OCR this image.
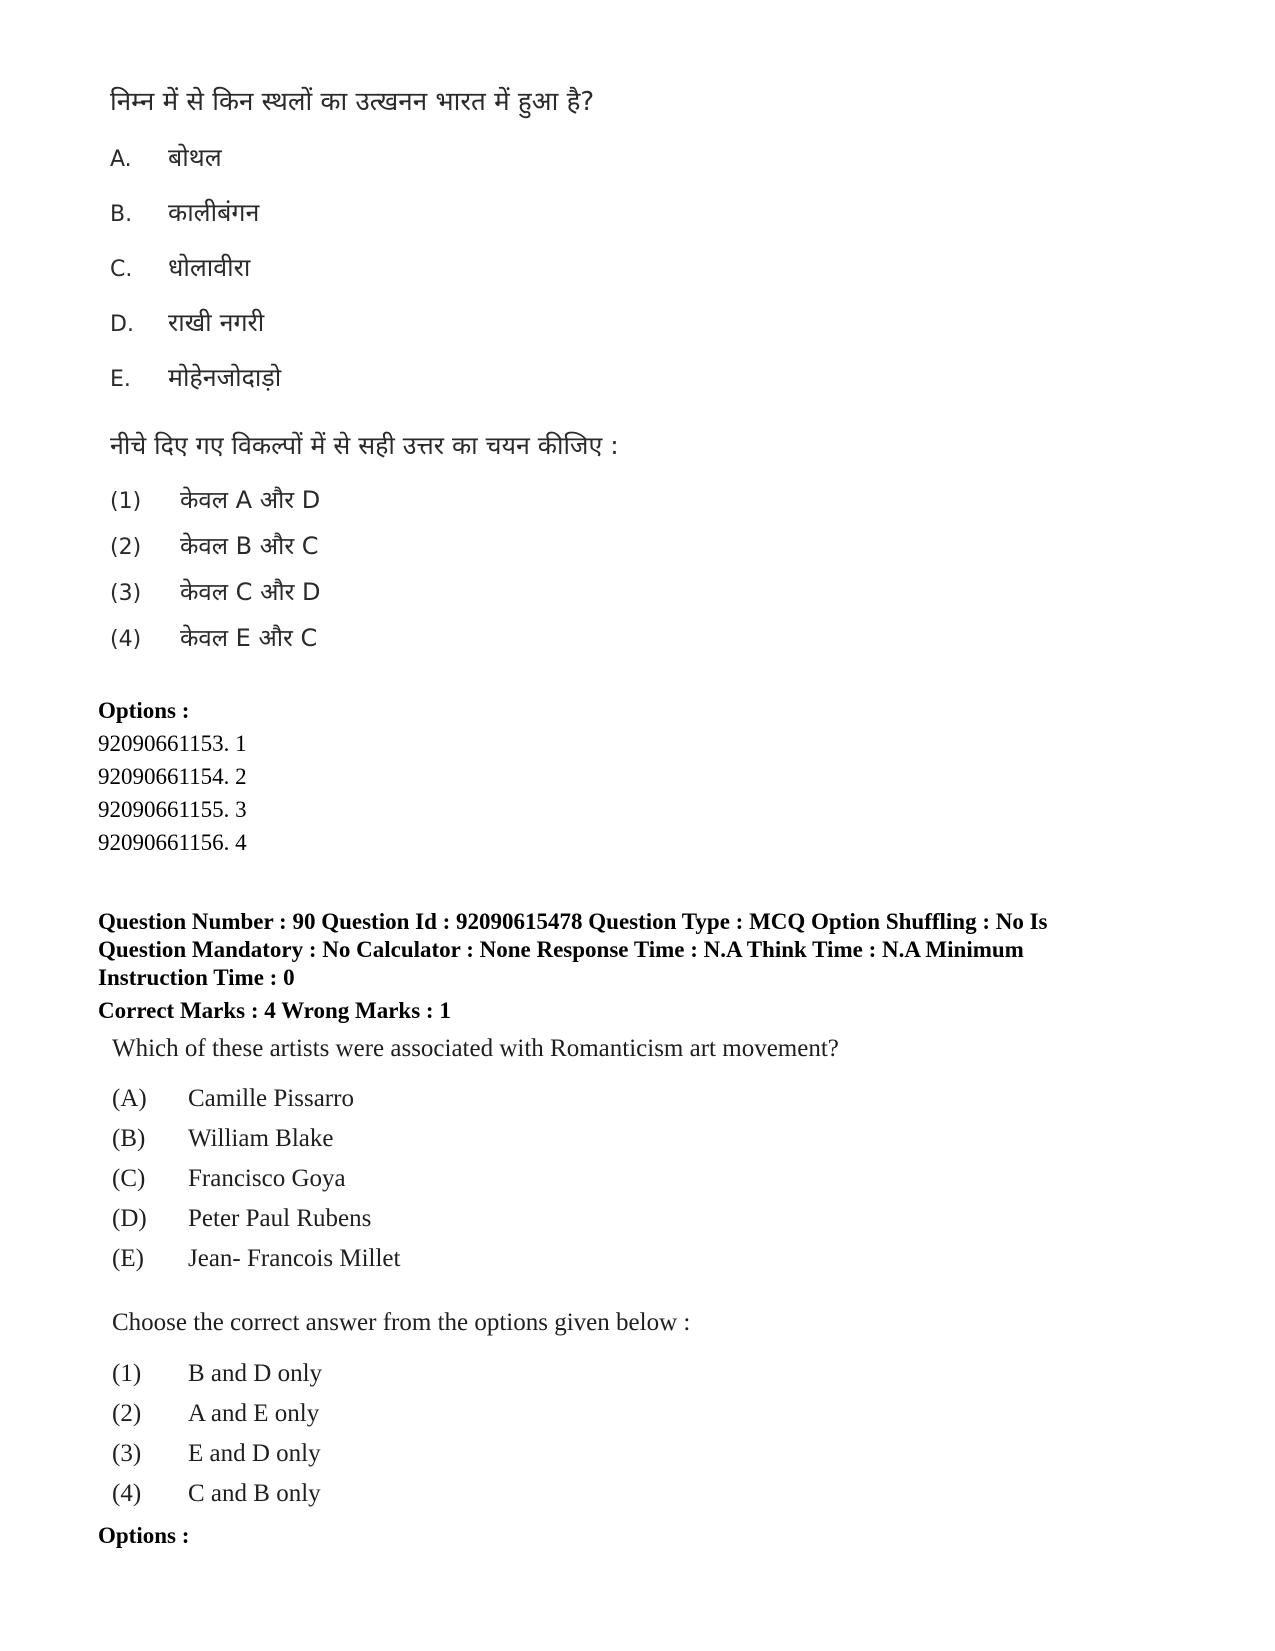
निम्न में से किन स्थलों का उत्खनन भारत में हुआ है?
A. बोथल
B. कालीबंगन
C. धोलावीरा
D. राखी नगरी
E. मोहेनजोदाड़ो
नीचे दिए गए विकल्पों में से सही उत्तर का चयन कीजिए :
(1) केवल A और D
(2) केवल B और C
(3) केवल C और D
(4) केवल E और C
Options :
92090661153. 1
92090661154. 2
92090661155. 3
92090661156. 4
Question Number : 90 Question Id : 92090615478 Question Type : MCQ Option Shuffling : No Is
Question Mandatory : No Calculator : None Response Time : N.A Think Time : N.A Minimum
Instruction Time : 0
Correct Marks : 4 Wrong Marks : 1
Which of these artists were associated with Romanticism art movement?
(A) Camille Pissarro
(B) William Blake
(C) Francisco Goya
(D) Peter Paul Rubens
(E) Jean- Francois Millet
Choose the correct answer from the options given below :
(1) B and D only
(2) A and E only
(3) E and D only
(4) C and B only
Options :
